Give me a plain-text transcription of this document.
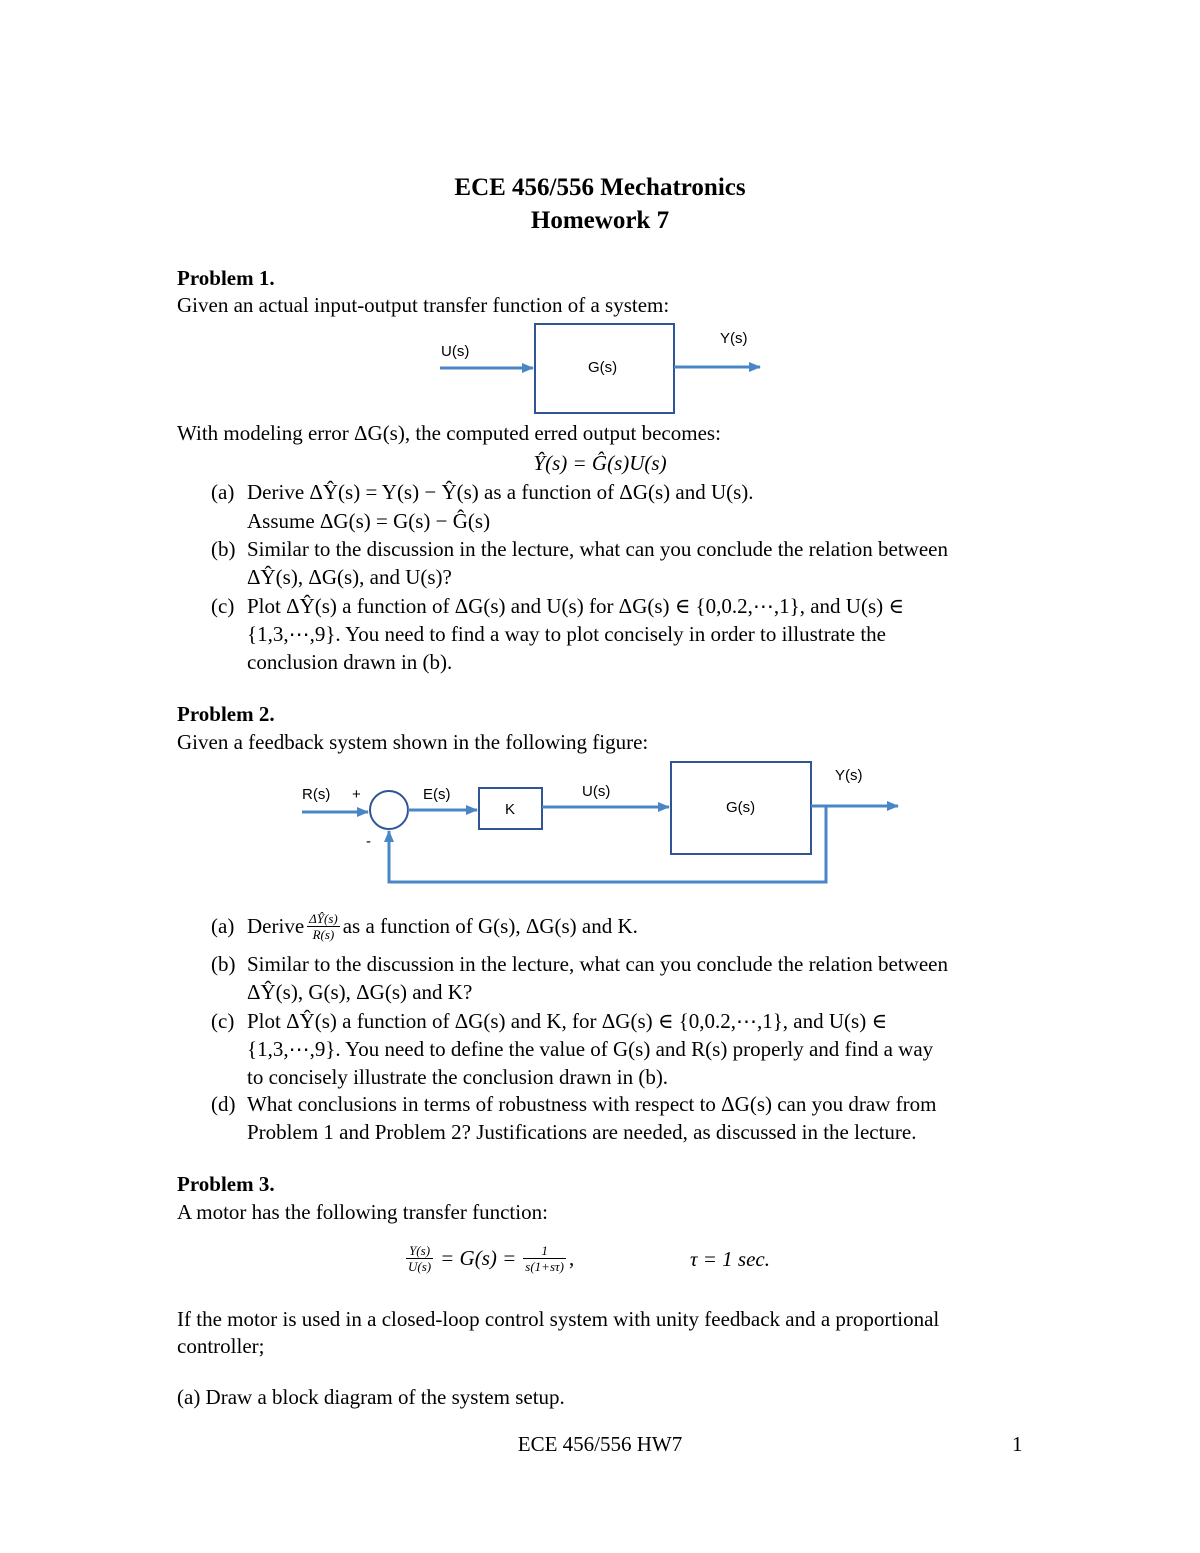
ECE 456/556 Mechatronics
Homework 7
Problem 1.
Given an actual input-output transfer function of a system:
U(s)
G(s)
Y(s)
With modeling error ΔG(s), the computed erred output becomes:
Ŷ(s) = Ĝ(s)U(s)
(a) Derive ΔŶ(s) = Y(s) − Ŷ(s) as a function of ΔG(s) and U(s).
Assume ΔG(s) = G(s) − Ĝ(s)
(b) Similar to the discussion in the lecture, what can you conclude the relation between
ΔŶ(s), ΔG(s), and U(s)?
(c) Plot ΔŶ(s) a function of ΔG(s) and U(s) for ΔG(s) ∈ {0,0.2,⋯,1}, and U(s) ∈
{1,3,⋯,9}. You need to find a way to plot concisely in order to illustrate the
conclusion drawn in (b).
Problem 2.
Given a feedback system shown in the following figure:
R(s) +
-
E(s)
K
U(s)
G(s)
Y(s)
(a) Derive $\frac{\Delta Ŷ(s)}{R(s)}$ as a function of G(s), ΔG(s) and K.
(b) Similar to the discussion in the lecture, what can you conclude the relation between
ΔŶ(s), G(s), ΔG(s) and K?
(c) Plot ΔŶ(s) a function of ΔG(s) and K, for ΔG(s) ∈ {0,0.2,⋯,1}, and U(s) ∈
{1,3,⋯,9}. You need to define the value of G(s) and R(s) properly and find a way
to concisely illustrate the conclusion drawn in (b).
(d) What conclusions in terms of robustness with respect to ΔG(s) can you draw from
Problem 1 and Problem 2? Justifications are needed, as discussed in the lecture.
Problem 3.
A motor has the following transfer function:
$\frac{Y(s)}{U(s)} = G(s) = \frac{1}{s(1+s\tau)}$ ,	τ = 1 sec.
If the motor is used in a closed-loop control system with unity feedback and a proportional
controller;
(a) Draw a block diagram of the system setup.
ECE 456/556 HW7	1
